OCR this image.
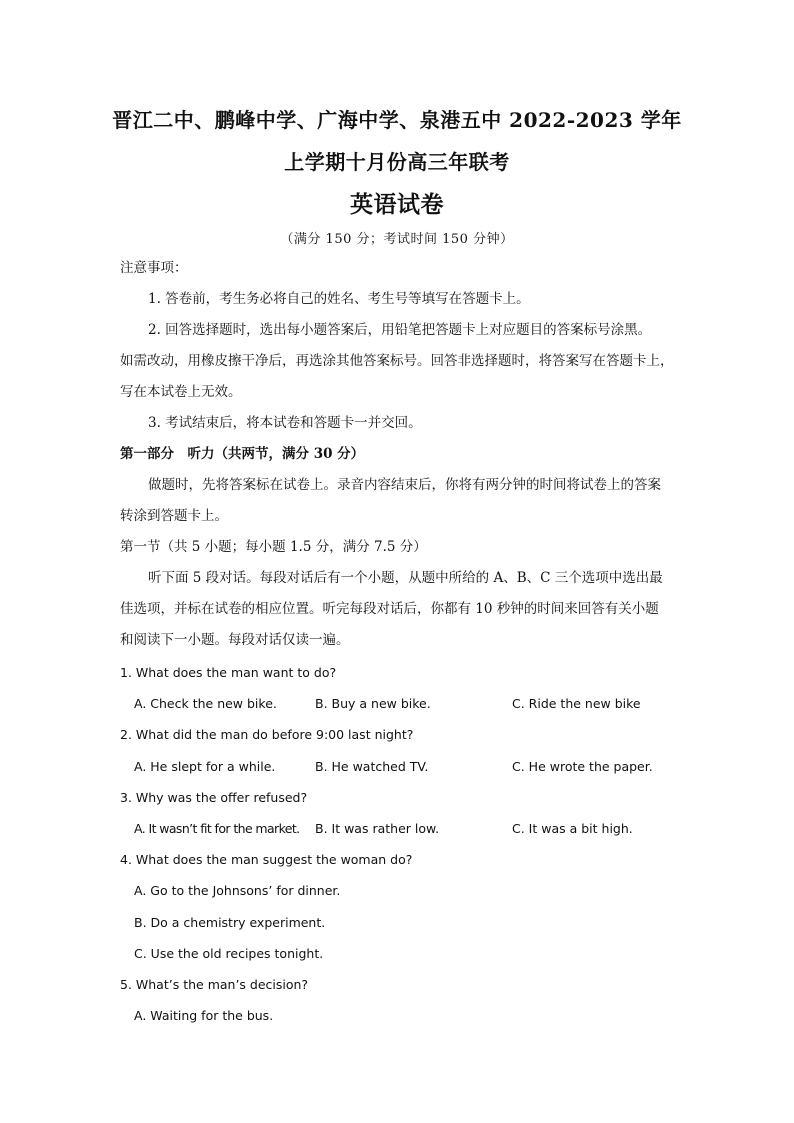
晋江二中、鹏峰中学、广海中学、泉港五中 2022-2023 学年
上学期十月份高三年联考
英语试卷
（满分 150 分；考试时间 150 分钟）
注意事项：
1. 答卷前，考生务必将自己的姓名、考生号等填写在答题卡上。
2. 回答选择题时，选出每小题答案后，用铅笔把答题卡上对应题目的答案标号涂黑。
如需改动，用橡皮擦干净后，再选涂其他答案标号。回答非选择题时，将答案写在答题卡上，
写在本试卷上无效。
3. 考试结束后，将本试卷和答题卡一并交回。
第一部分　听力（共两节，满分 30 分）
做题时，先将答案标在试卷上。录音内容结束后，你将有两分钟的时间将试卷上的答案
转涂到答题卡上。
第一节（共 5 小题；每小题 1.5 分，满分 7.5 分）
听下面 5 段对话。每段对话后有一个小题，从题中所给的 A、B、C 三个选项中选出最
佳选项，并标在试卷的相应位置。听完每段对话后，你都有 10 秒钟的时间来回答有关小题
和阅读下一小题。每段对话仅读一遍。
1. What does the man want to do?
A. Check the new bike.	B. Buy a new bike.	C. Ride the new bike
2. What did the man do before 9:00 last night?
A. He slept for a while.	B. He watched TV.	C. He wrote the paper.
3. Why was the offer refused?
A. It wasn’t fit for the market. B. It was rather low.	C. It was a bit high.
4. What does the man suggest the woman do?
A. Go to the Johnsons’ for dinner.
B. Do a chemistry experiment.
C. Use the old recipes tonight.
5. What’s the man’s decision?
A. Waiting for the bus.
